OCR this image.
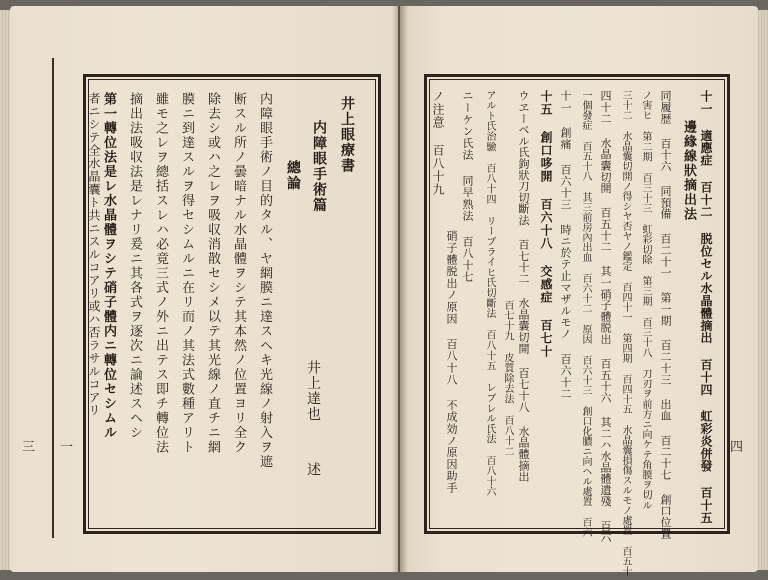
三 一
井上眼療書
内障眼手術篇
井上達也
述
總論
内障眼手術ノ目的タル、ヤ網膜ニ達スヘキ光線ノ射入ヲ遮
断スル所ノ曇暗ナル水晶體ヲシテ其本然ノ位置ヨリ全ク
除去シ或ハ之レヲ吸収消散セシメ以テ其光線ノ直チニ網
膜ニ到達スルヲ得セシムルニ在リ而ノ其法式數種アリト
雖モ之レヲ總括スレハ必竟三式ノ外ニ出テス即チ轉位法
摘出法吸収法是レナリ爰ニ其各式ヲ逐次ニ論述スヘシ
第一轉位法是レ水晶體ヲシテ硝子體内ニ轉位セシムル
者ニシテ全水晶囊ト共ニスルコアリ或ハ否ラサルコアリ
四
十一 適應症 百十二 脱位セル水晶體摘出 百十四 虹彩炎併發 百十五
邊緣線狀摘出法
同履歴 百十六 同預備 百二十一 第一期 百二十三 出血 百二十七 創口位置
ノ害ヒ 第二期 百三十三 虹彩切除 第三期 百三十八 刀刃ヲ前方ニ向ケテ角膜ヲ切ル
三十二 水晶囊切開ノ得シヤ否ヤノ鑑定 百四十一 第四期 百四十五 水晶囊損傷スルモノ處置 百五十
四十二 水晶囊切開 百五十二 其一硝子體脱出 百五十六 其二ハ水晶體遺殘 百六
一個發症 百五十八 其三前房內出血 百六十二 原因 百六十三 創口化膿ニ向ヘル處置 百六
十一 創痛 百六十三 時ニ於テ止マザルモノ 百六十二
十五 創口哆開 百六十八 交感症 百七十
ウヱーベル氏鉤狀刀切斷法 百七十二 水晶囊切開 百七十八 水晶體摘出
百七十九 皮質除去法 百八十二
アルト氏治驗 百八十四 リーブライヒ氏切斷法 百八十五 レブレル氏法 百八十六
ニーケン氏法 同早熟法 百八十七
硝子體脱出ノ原因 百八十八 不成効ノ原因助手
ノ注意 百八十九
